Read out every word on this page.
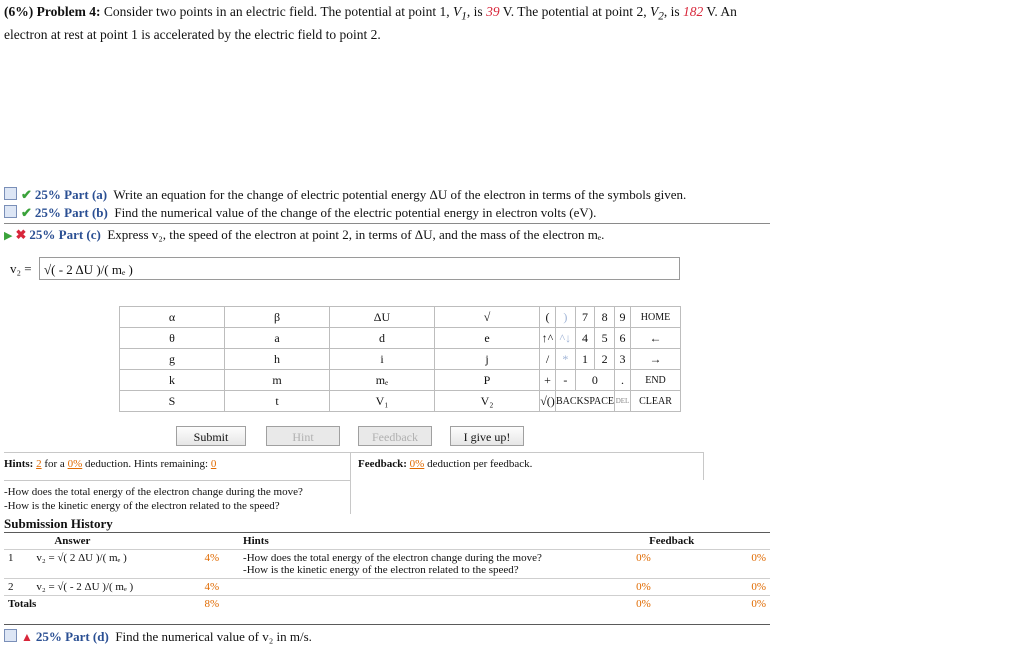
(6%) Problem 4: Consider two points in an electric field. The potential at point 1, $V_1$, is 39 V. The potential at point 2, $V_2$, is 182 V. An electron at rest at point 1 is accelerated by the electric field to point 2.
✔ 25% Part (a) Write an equation for the change of electric potential energy ΔU of the electron in terms of the symbols given.
✔ 25% Part (b) Find the numerical value of the change of the electric potential energy in electron volts (eV).
▶ ✖ 25% Part (c) Express v₂, the speed of the electron at point 2, in terms of ΔU, and the mass of the electron mₑ.
v₂ = √( - 2 ΔU )/( mₑ )
α	β	ΔU	√	(	)	7	8	9	HOME
θ	a	d	e	↑^	^↓	4	5	6	←
g	h	i	j	/	*	1	2	3	→
k	m	mₑ	P	+	-	0		.	END
S	t	V₁	V₂	√()	BACKSPACE			DEL	CLEAR
Submit	Hint	Feedback	I give up!
Hints: 2 for a 0% deduction. Hints remaining: 0	Feedback: 0% deduction per feedback.
-How does the total energy of the electron change during the move?
-How is the kinetic energy of the electron related to the speed?
Submission History
	Answer		Hints	Feedback	
1	v₂ = √( 2 ΔU )/( mₑ )	4%	-How does the total energy of the electron change during the move?
-How is the kinetic energy of the electron related to the speed?	0%	0%
2	v₂ = √( - 2 ΔU )/( mₑ )	4%		0%	0%
Totals		8%		0%	0%
▲ 25% Part (d) Find the numerical value of v₂ in m/s.
